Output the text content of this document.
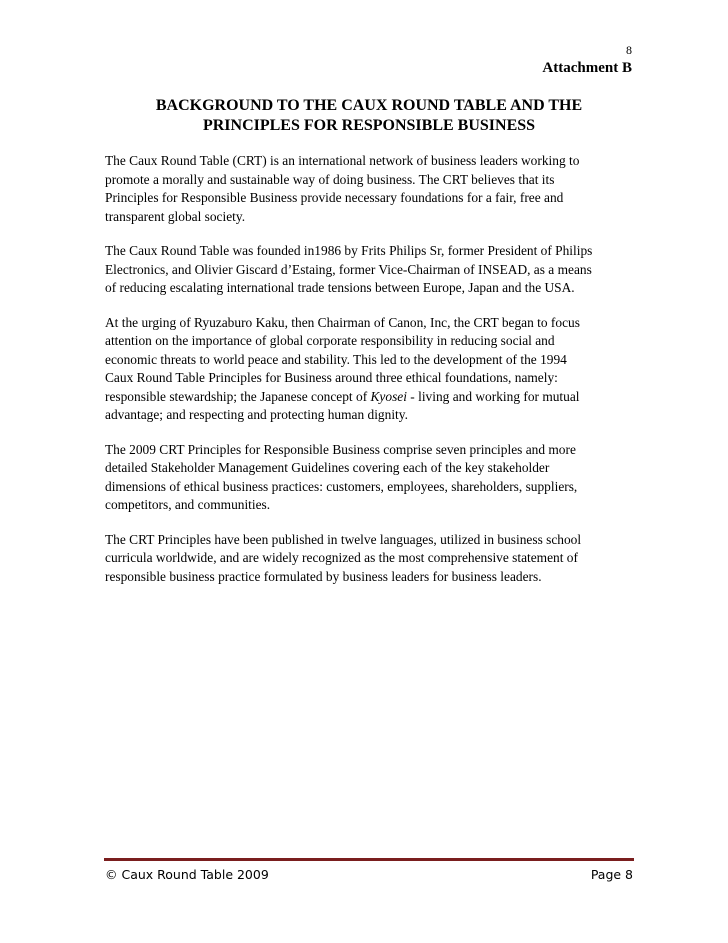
8
Attachment B
BACKGROUND TO THE CAUX ROUND TABLE AND THE
PRINCIPLES FOR RESPONSIBLE BUSINESS

The Caux Round Table (CRT) is an international network of business leaders working to
promote a morally and sustainable way of doing business. The CRT believes that its
Principles for Responsible Business provide necessary foundations for a fair, free and
transparent global society.

The Caux Round Table was founded in1986 by Frits Philips Sr, former President of Philips
Electronics, and Olivier Giscard d’Estaing, former Vice-Chairman of INSEAD, as a means
of reducing escalating international trade tensions between Europe, Japan and the USA.

At the urging of Ryuzaburo Kaku, then Chairman of Canon, Inc, the CRT began to focus
attention on the importance of global corporate responsibility in reducing social and
economic threats to world peace and stability. This led to the development of the 1994
Caux Round Table Principles for Business around three ethical foundations, namely:
responsible stewardship; the Japanese concept of Kyosei - living and working for mutual
advantage; and respecting and protecting human dignity.

The 2009 CRT Principles for Responsible Business comprise seven principles and more
detailed Stakeholder Management Guidelines covering each of the key stakeholder
dimensions of ethical business practices: customers, employees, shareholders, suppliers,
competitors, and communities.

The CRT Principles have been published in twelve languages, utilized in business school
curricula worldwide, and are widely recognized as the most comprehensive statement of
responsible business practice formulated by business leaders for business leaders.

© Caux Round Table 2009	Page 8
